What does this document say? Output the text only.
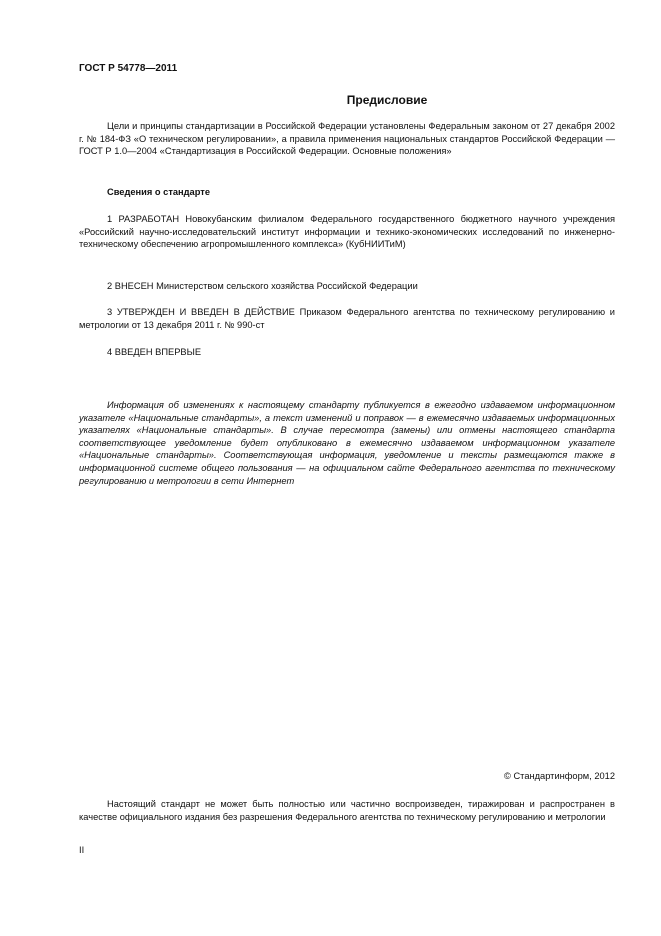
ГОСТ Р 54778—2011
Предисловие
Цели и принципы стандартизации в Российской Федерации установлены Федеральным законом от 27 декабря 2002 г. № 184-ФЗ «О техническом регулировании», а правила применения национальных стандартов Российской Федерации — ГОСТ Р 1.0—2004 «Стандартизация в Российской Федерации. Основные положения»
Сведения о стандарте
1 РАЗРАБОТАН Новокубанским филиалом Федерального государственного бюджетного научного учреждения «Российский научно-исследовательский институт информации и технико-экономических исследований по инженерно-техническому обеспечению агропромышленного комплекса» (КубНИИТиМ)
2 ВНЕСЕН Министерством сельского хозяйства Российской Федерации
3 УТВЕРЖДЕН И ВВЕДЕН В ДЕЙСТВИЕ Приказом Федерального агентства по техническому регулированию и метрологии от 13 декабря 2011 г. № 990-ст
4 ВВЕДЕН ВПЕРВЫЕ
Информация об изменениях к настоящему стандарту публикуется в ежегодно издаваемом информационном указателе «Национальные стандарты», а текст изменений и поправок — в ежемесячно издаваемых информационных указателях «Национальные стандарты». В случае пересмотра (замены) или отмены настоящего стандарта соответствующее уведомление будет опубликовано в ежемесячно издаваемом информационном указателе «Национальные стандарты». Соответствующая информация, уведомление и тексты размещаются также в информационной системе общего пользования — на официальном сайте Федерального агентства по техническому регулированию и метрологии в сети Интернет
© Стандартинформ, 2012
Настоящий стандарт не может быть полностью или частично воспроизведен, тиражирован и распространен в качестве официального издания без разрешения Федерального агентства по техническому регулированию и метрологии
II
